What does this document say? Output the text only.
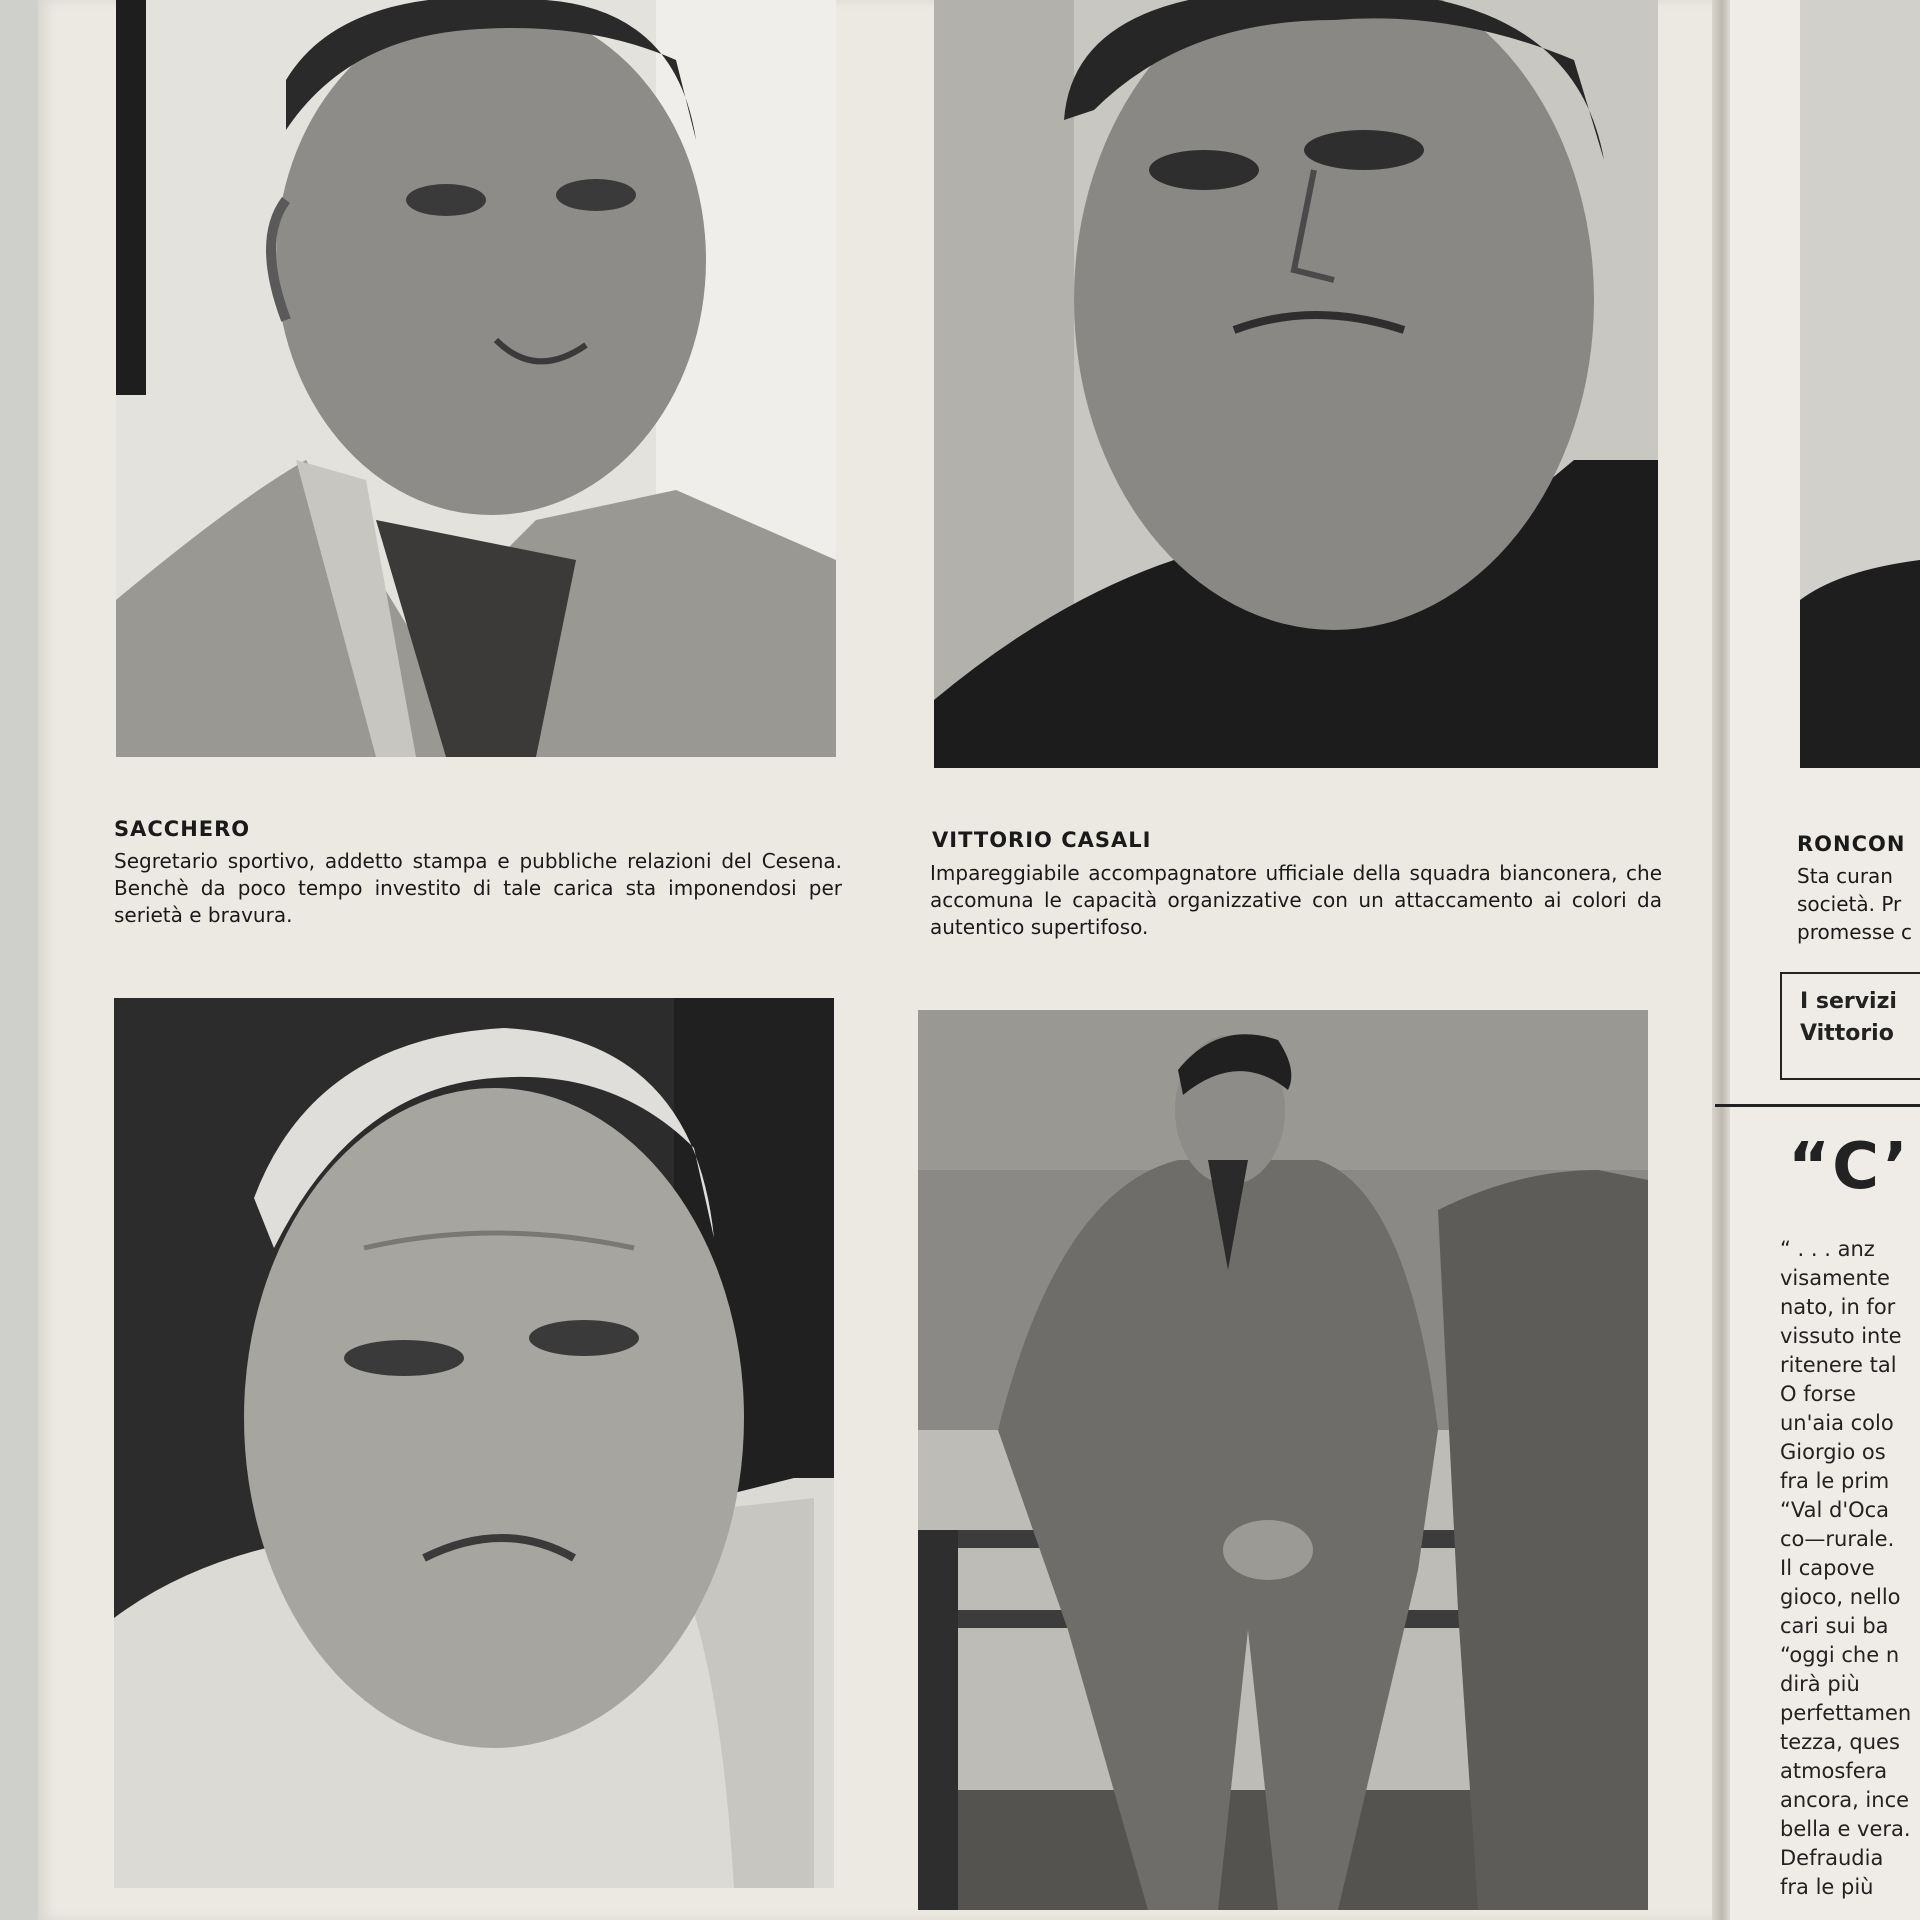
SACCHERO
Segretario sportivo, addetto stampa e pubbliche relazioni del Cesena. Benchè da poco tempo investito di tale carica sta imponendosi per serietà e bravura.
VITTORIO CASALI
Impareggiabile accompagnatore ufficiale della squadra bianconera, che accomuna le capacità organizzative con un attaccamento ai colori da autentico supertifoso.
RONCON
Sta curan
società. Pr
promesse c
I servizi
Vittorio
“C’
“ . . . anz
visamente
nato, in for
vissuto inte
ritenere tal
O forse
un'aia colo
Giorgio os
fra le prim
“Val d'Oca
co—rurale.
Il capove
gioco, nello
cari sui ba
“oggi che n
dirà più
perfettamen
tezza, ques
atmosfera
ancora, ince
bella e vera.
Defraudia
fra le più
